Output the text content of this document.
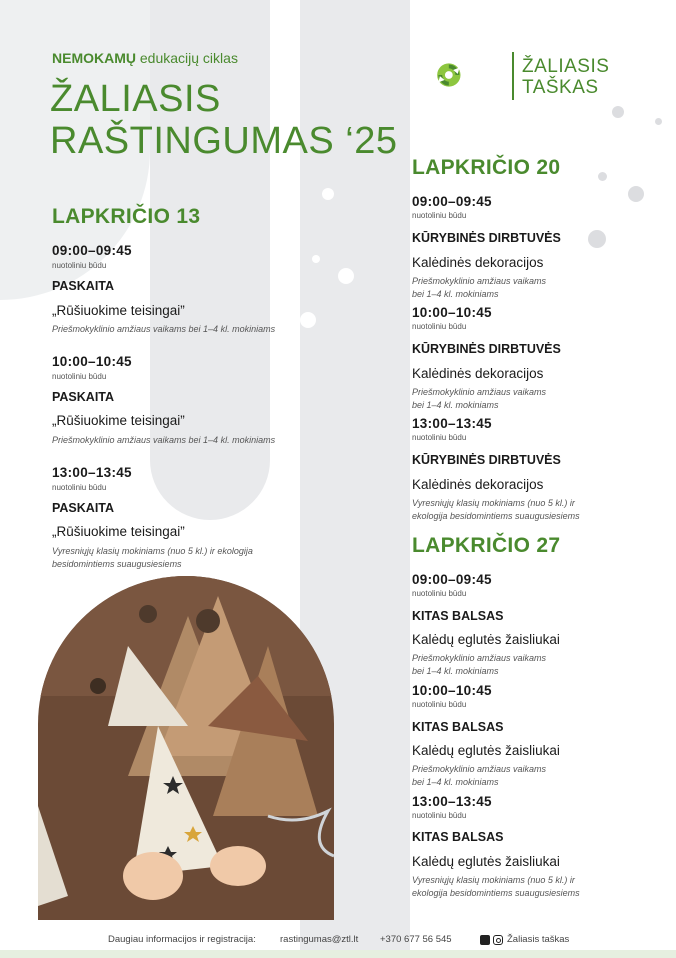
NEMOKAMŲ edukacijų ciklas
ŽALIASIS
RAŠTINGUMAS ‘25
ŽALIASIS
TAŠKAS
LAPKRIČIO 13
09:00–09:45
nuotoliniu būdu
PASKAITA
„Rūšiuokime teisingai”
Priešmokyklinio amžiaus vaikams bei 1–4 kl. mokiniams
10:00–10:45
nuotoliniu būdu
PASKAITA
„Rūšiuokime teisingai”
Priešmokyklinio amžiaus vaikams bei 1–4 kl. mokiniams
13:00–13:45
nuotoliniu būdu
PASKAITA
„Rūšiuokime teisingai”
Vyresniųjų klasių mokiniams (nuo 5 kl.) ir ekologija
besidomintiems suaugusiesiems
LAPKRIČIO 20
09:00–09:45
nuotoliniu būdu
KŪRYBINĖS DIRBTUVĖS
Kalėdinės dekoracijos
Priešmokyklinio amžiaus vaikams
bei 1–4 kl. mokiniams
10:00–10:45
nuotoliniu būdu
KŪRYBINĖS DIRBTUVĖS
Kalėdinės dekoracijos
Priešmokyklinio amžiaus vaikams
bei 1–4 kl. mokiniams
13:00–13:45
nuotoliniu būdu
KŪRYBINĖS DIRBTUVĖS
Kalėdinės dekoracijos
Vyresniųjų klasių mokiniams (nuo 5 kl.) ir
ekologija besidomintiems suaugusiesiems
LAPKRIČIO 27
09:00–09:45
nuotoliniu būdu
KITAS BALSAS
Kalėdų eglutės žaisliukai
Priešmokyklinio amžiaus vaikams
bei 1–4 kl. mokiniams
10:00–10:45
nuotoliniu būdu
KITAS BALSAS
Kalėdų eglutės žaisliukai
Priešmokyklinio amžiaus vaikams
bei 1–4 kl. mokiniams
13:00–13:45
nuotoliniu būdu
KITAS BALSAS
Kalėdų eglutės žaisliukai
Vyresniųjų klasių mokiniams (nuo 5 kl.) ir
ekologija besidomintiems suaugusiesiems
Daugiau informacijos ir registracija:	rastingumas@ztl.lt +370 677 56 545	Žaliasis taškas
